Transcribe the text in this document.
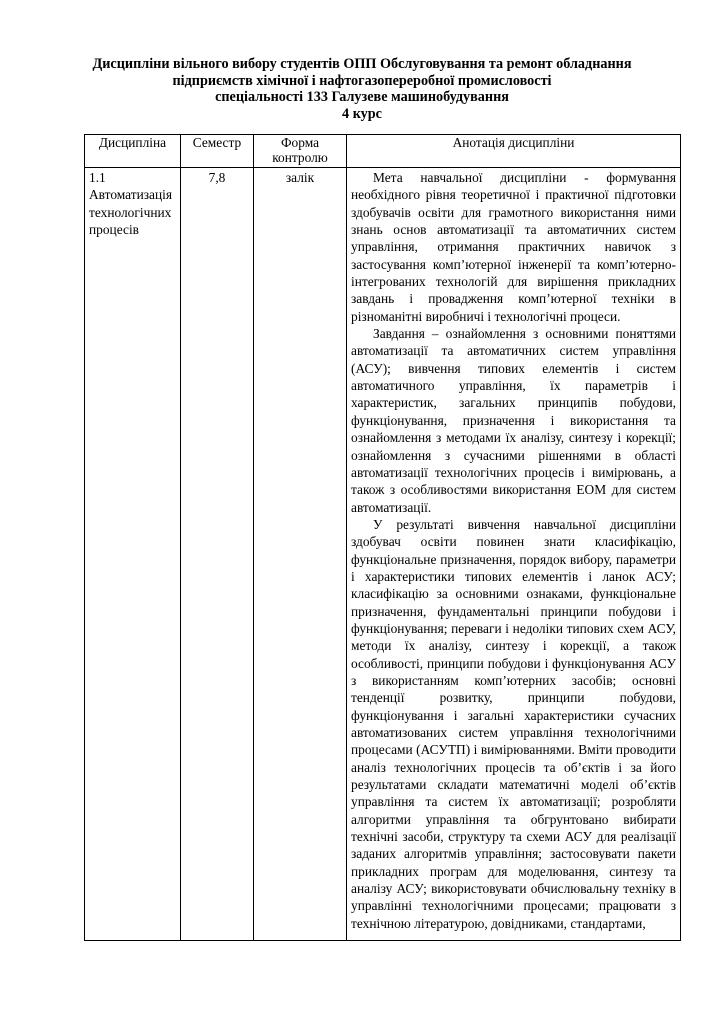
Дисципліни вільного вибору студентів ОПП Обслуговування та ремонт обладнання
підприємств хімічної і нафтогазопереробної промисловості
спеціальності 133 Галузеве машинобудування
4 курс
Дисципліна	Семестр	Форма контролю	Анотація дисципліни
1.1 Автоматизація технологічних процесів	7,8	залік	Мета навчальної дисципліни - формування необхідного рівня теоретичної і практичної підготовки здобувачів освіти для грамотного використання ними знань основ автоматизації та автоматичних систем управління, отримання практичних навичок з застосування комп’ютерної інженерії та комп’ютерно-інтегрованих технологій для вирішення прикладних завдань і провадження комп’ютерної техніки в різноманітні виробничі і технологічні процеси.

Завдання – ознайомлення з основними поняттями автоматизації та автоматичних систем управління (АСУ); вивчення типових елементів і систем автоматичного управління, їх параметрів і характеристик, загальних принципів побудови, функціонування, призначення і використання та ознайомлення з методами їх аналізу, синтезу і корекції; ознайомлення з сучасними рішеннями в області автоматизації технологічних процесів і вимірювань, а також з особливостями використання ЕОМ для систем автоматизації.

У результаті вивчення навчальної дисципліни здобувач освіти повинен знати класифікацію, функціональне призначення, порядок вибору, параметри і характеристики типових елементів і ланок АСУ; класифікацію за основними ознаками, функціональне призначення, фундаментальні принципи побудови і функціонування; переваги і недоліки типових схем АСУ, методи їх аналізу, синтезу і корекції, а також особливості, принципи побудови і функціонування АСУ з використанням комп’ютерних засобів; основні тенденції розвитку, принципи побудови, функціонування і загальні характеристики сучасних автоматизованих систем управління технологічними процесами (АСУТП) і вимірюваннями. Вміти проводити аналіз технологічних процесів та об’єктів і за його результатами складати математичні моделі об’єктів управління та систем їх автоматизації; розробляти алгоритми управління та обгрунтовано вибирати технічні засоби, структуру та схеми АСУ для реалізації заданих алгоритмів управління; застосовувати пакети прикладних програм для моделювання, синтезу та аналізу АСУ; використовувати обчислювальну техніку в управлінні технологічними процесами; працювати з технічною літературою, довідниками, стандартами,
